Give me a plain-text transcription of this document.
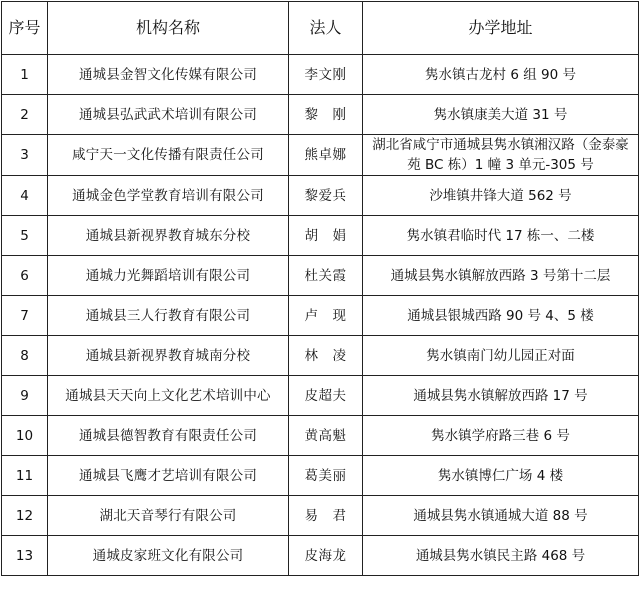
序号	机构名称	法人	办学地址
1	通城县金智文化传媒有限公司	李文刚	隽水镇古龙村 6 组 90 号
2	通城县弘武武术培训有限公司	黎　刚	隽水镇康美大道 31 号
3	咸宁天一文化传播有限责任公司	熊卓娜	湖北省咸宁市通城县隽水镇湘汉路（金泰豪苑 BC 栋）1 幢 3 单元-305 号
4	通城金色学堂教育培训有限公司	黎爱兵	沙堆镇井锋大道 562 号
5	通城县新视界教育城东分校	胡　娟	隽水镇君临时代 17 栋一、二楼
6	通城力光舞蹈培训有限公司	杜关霞	通城县隽水镇解放西路 3 号第十二层
7	通城县三人行教育有限公司	卢　现	通城县银城西路 90 号 4、5 楼
8	通城县新视界教育城南分校	林　凌	隽水镇南门幼儿园正对面
9	通城县天天向上文化艺术培训中心	皮超夫	通城县隽水镇解放西路 17 号
10	通城县德智教育有限责任公司	黄高魁	隽水镇学府路三巷 6 号
11	通城县飞鹰才艺培训有限公司	葛美丽	隽水镇博仁广场 4 楼
12	湖北天音琴行有限公司	易　君	通城县隽水镇通城大道 88 号
13	通城皮家班文化有限公司	皮海龙	通城县隽水镇民主路 468 号
